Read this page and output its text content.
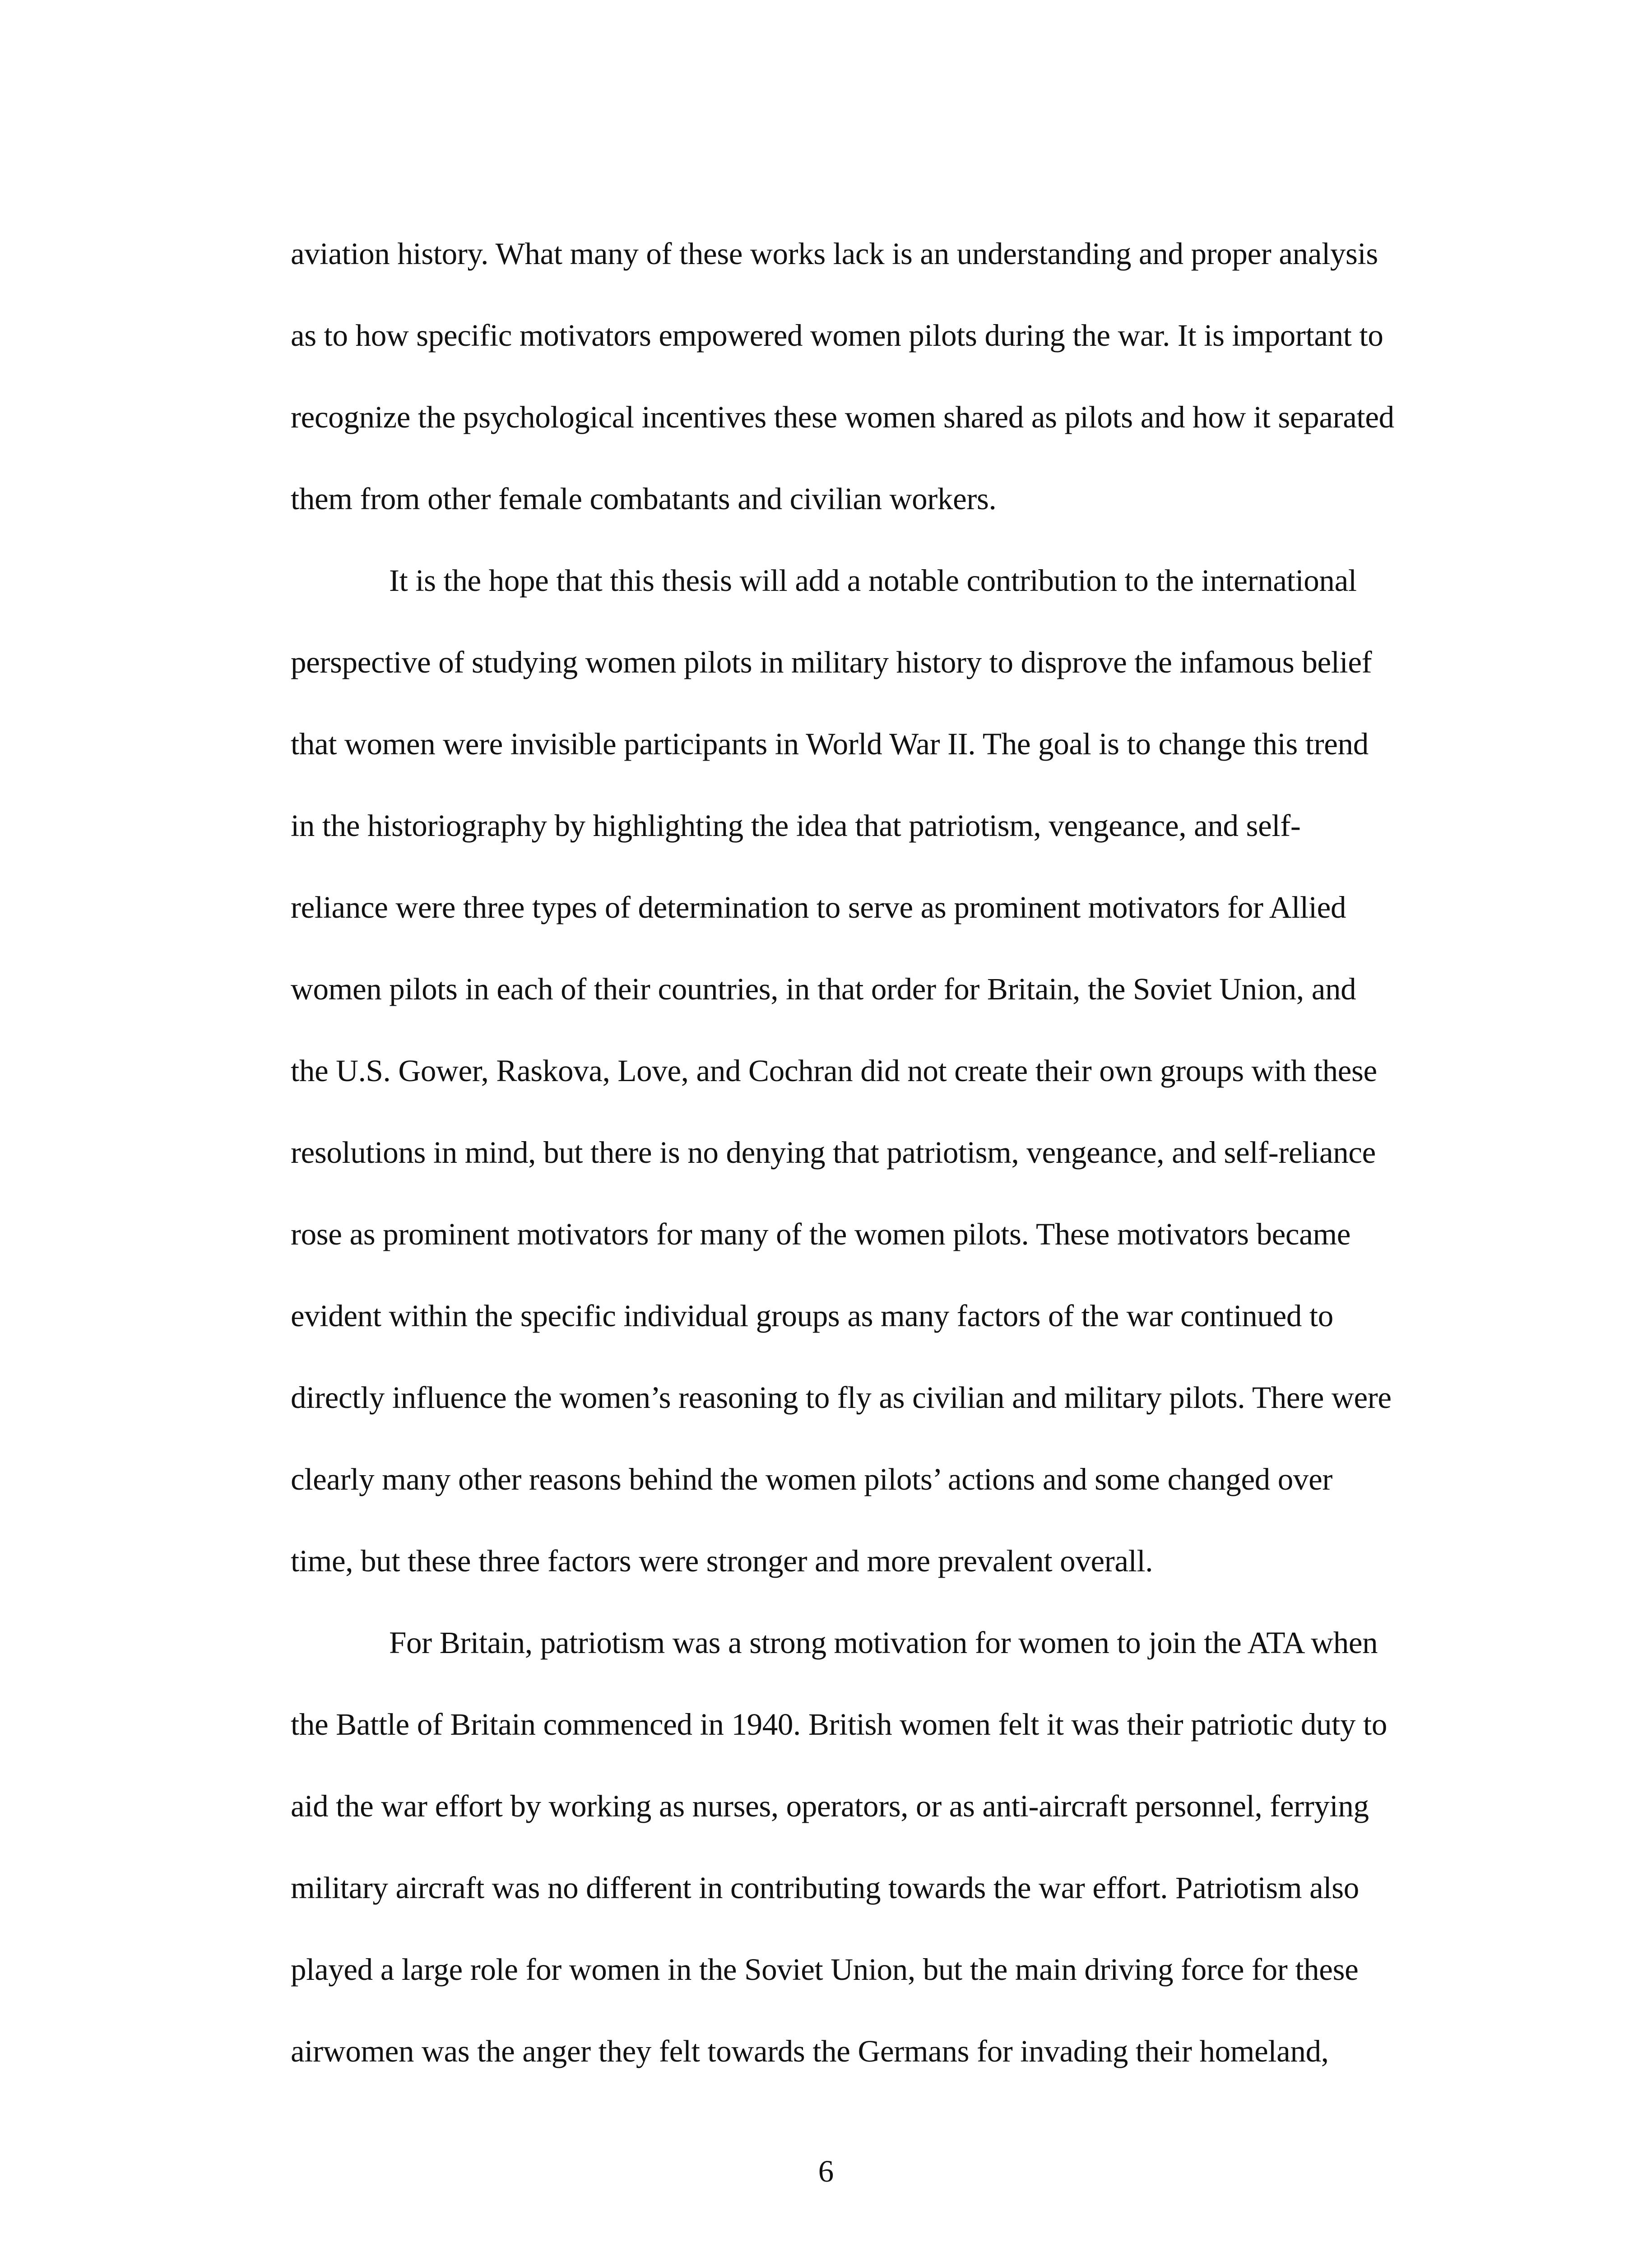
aviation history. What many of these works lack is an understanding and proper analysis
as to how specific motivators empowered women pilots during the war. It is important to
recognize the psychological incentives these women shared as pilots and how it separated
them from other female combatants and civilian workers.
It is the hope that this thesis will add a notable contribution to the international
perspective of studying women pilots in military history to disprove the infamous belief
that women were invisible participants in World War II. The goal is to change this trend
in the historiography by highlighting the idea that patriotism, vengeance, and self-
reliance were three types of determination to serve as prominent motivators for Allied
women pilots in each of their countries, in that order for Britain, the Soviet Union, and
the U.S. Gower, Raskova, Love, and Cochran did not create their own groups with these
resolutions in mind, but there is no denying that patriotism, vengeance, and self-reliance
rose as prominent motivators for many of the women pilots. These motivators became
evident within the specific individual groups as many factors of the war continued to
directly influence the women’s reasoning to fly as civilian and military pilots. There were
clearly many other reasons behind the women pilots’ actions and some changed over
time, but these three factors were stronger and more prevalent overall.
For Britain, patriotism was a strong motivation for women to join the ATA when
the Battle of Britain commenced in 1940. British women felt it was their patriotic duty to
aid the war effort by working as nurses, operators, or as anti-aircraft personnel, ferrying
military aircraft was no different in contributing towards the war effort. Patriotism also
played a large role for women in the Soviet Union, but the main driving force for these
airwomen was the anger they felt towards the Germans for invading their homeland,
6
